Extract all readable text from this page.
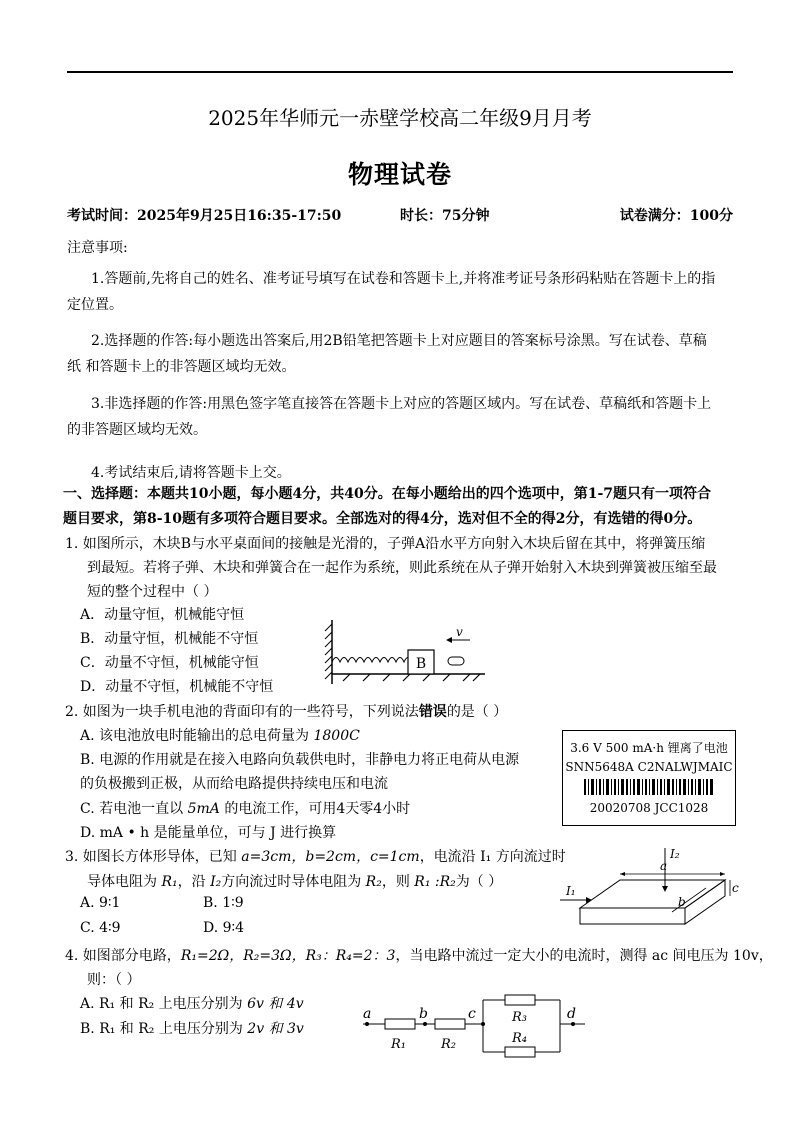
2025年华师元一赤壁学校高二年级9月月考
物理试卷
考试时间：2025年9月25日16:35-17:50	时长：75分钟	试卷满分：100分
注意事项:
1.答题前,先将自己的姓名、准考证号填写在试卷和答题卡上,并将准考证号条形码粘贴在答题卡上的指
定位置。
2.选择题的作答:每小题选出答案后,用2B铅笔把答题卡上对应题目的答案标号涂黑。写在试卷、草稿
纸 和答题卡上的非答题区域均无效。
3.非选择题的作答:用黑色签字笔直接答在答题卡上对应的答题区域内。写在试卷、草稿纸和答题卡上
的非答题区域均无效。
4.考试结束后,请将答题卡上交。
一、选择题：本题共10小题，每小题4分，共40分。在每小题给出的四个选项中，第1-7题只有一项符合
题目要求，第8-10题有多项符合题目要求。全部选对的得4分，选对但不全的得2分，有选错的得0分。
1. 如图所示，木块B与水平桌面间的接触是光滑的，子弹A沿水平方向射入木块后留在其中，将弹簧压缩
到最短。若将子弹、木块和弹簧合在一起作为系统，则此系统在从子弹开始射入木块到弹簧被压缩至最
短的整个过程中（ ）
A．动量守恒，机械能守恒
B．动量守恒，机械能不守恒
C．动量不守恒，机械能守恒
D．动量不守恒，机械能不守恒
B
v
2. 如图为一块手机电池的背面印有的一些符号，下列说法错误的是（ ）
A. 该电池放电时能输出的总电荷量为 1800C
B. 电源的作用就是在接入电路向负载供电时，非静电力将正电荷从电源
的负极搬到正极，从而给电路提供持续电压和电流
C. 若电池一直以 5mA 的电流工作，可用4天零4小时
D. mA • h 是能量单位，可与 J 进行换算
3.6 V 500 mA·h 锂离了电池
SNN5648A C2NALWJMAIC
20020708 JCC1028
3. 如图长方体形导体，已知 a=3cm，b=2cm，c=1cm，电流沿 I₁ 方向流过时
导体电阻为 R₁，沿 I₂方向流过时导体电阻为 R₂，则 R₁ :R₂为（ ）
A. 9∶1	B. 1∶9
C. 4∶9	D. 9∶4
I₁
I₂
a
b
c
4. 如图部分电路，R₁=2Ω，R₂=3Ω，R₃：R₄=2：3，当电路中流过一定大小的电流时，测得 ac 间电压为 10v，
则：（ ）
A. R₁ 和 R₂ 上电压分别为 6v 和 4v
B. R₁ 和 R₂ 上电压分别为 2v 和 3v
a	b	c	d
R₁	R₂
R₃
R₄
